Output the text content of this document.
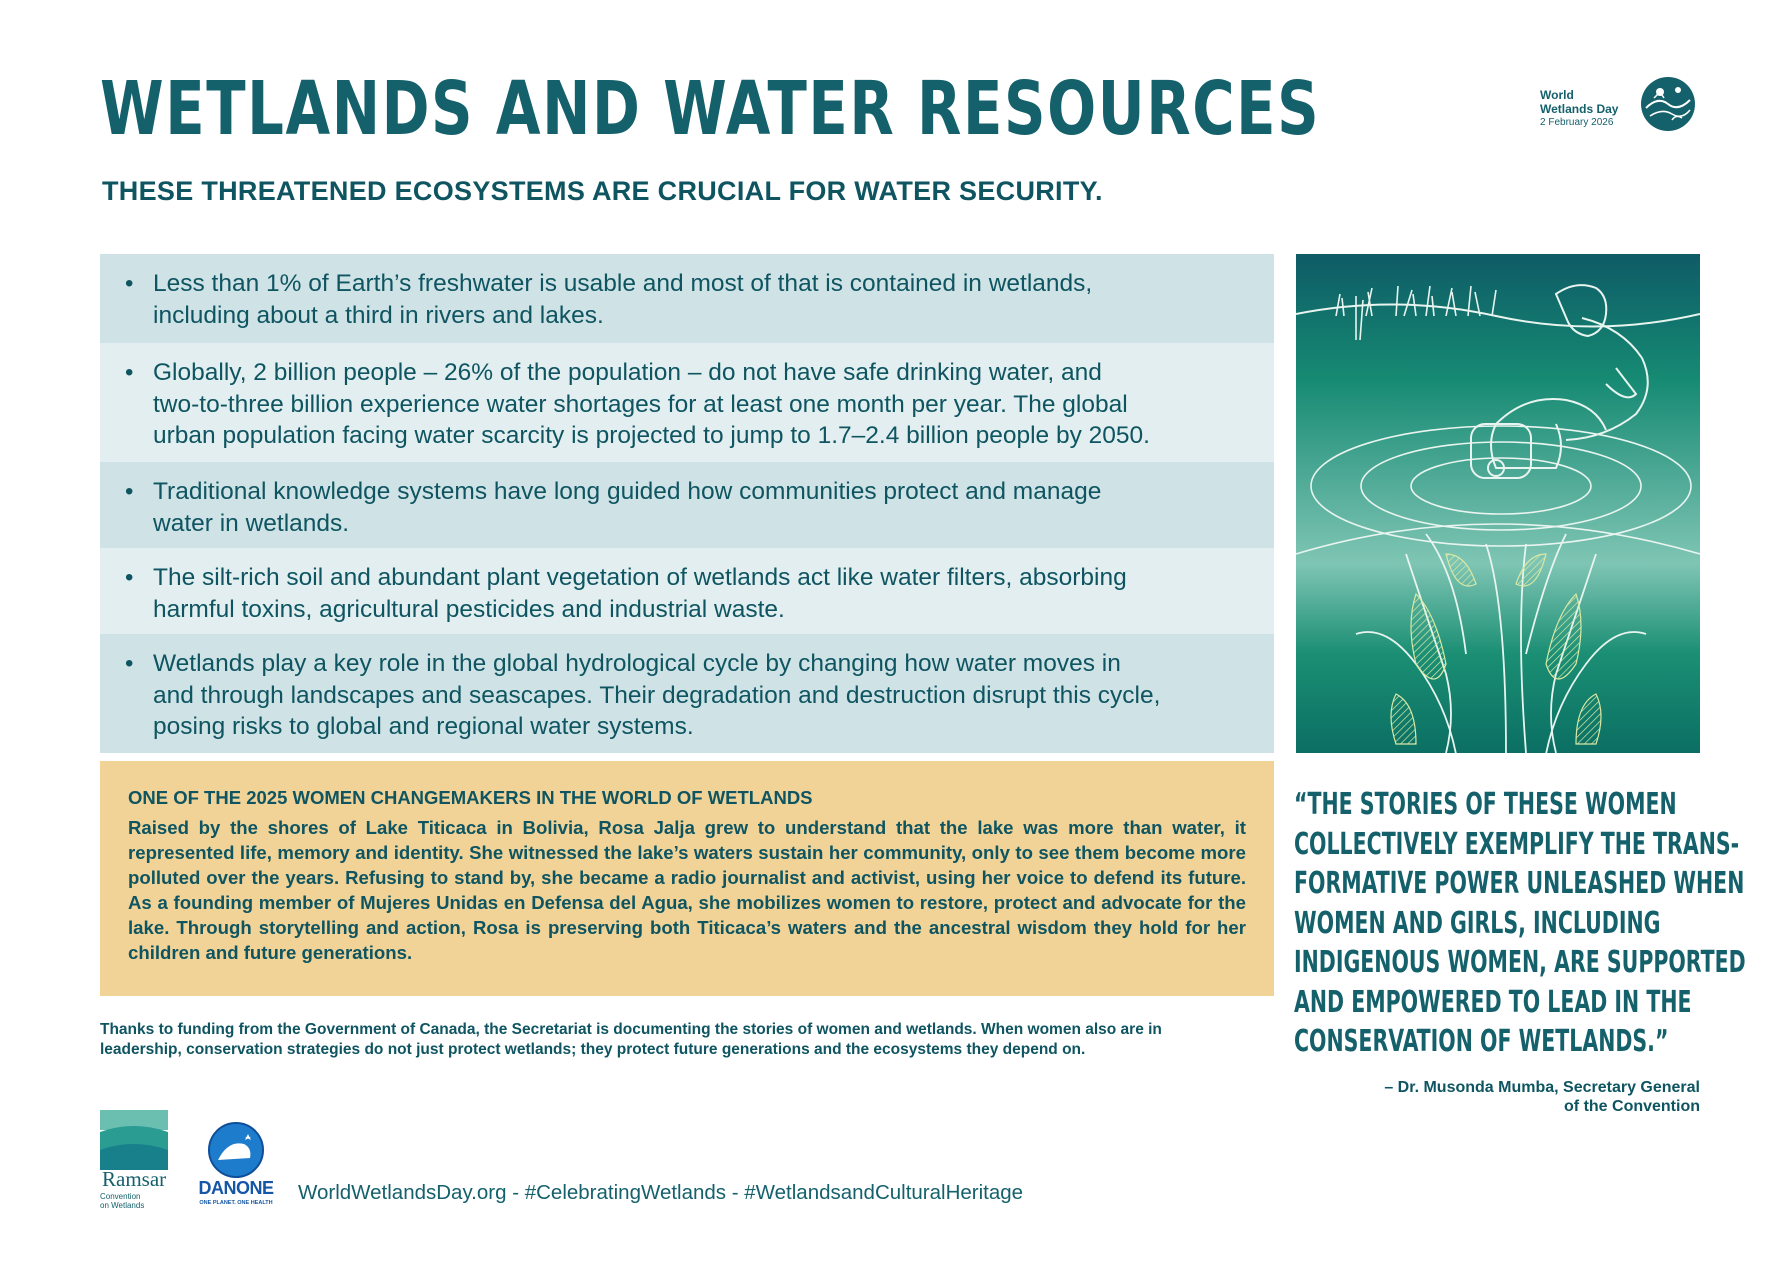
WETLANDS AND WATER RESOURCES
THESE THREATENED ECOSYSTEMS ARE CRUCIAL FOR WATER SECURITY.
World
Wetlands Day
2 February 2026
• Less than 1% of Earth’s freshwater is usable and most of that is contained in wetlands,
including about a third in rivers and lakes.
• Globally, 2 billion people – 26% of the population – do not have safe drinking water, and
two-to-three billion experience water shortages for at least one month per year. The global
urban population facing water scarcity is projected to jump to 1.7–2.4 billion people by 2050.
• Traditional knowledge systems have long guided how communities protect and manage
water in wetlands.
• The silt-rich soil and abundant plant vegetation of wetlands act like water filters, absorbing
harmful toxins, agricultural pesticides and industrial waste.
• Wetlands play a key role in the global hydrological cycle by changing how water moves in
and through landscapes and seascapes. Their degradation and destruction disrupt this cycle,
posing risks to global and regional water systems.
ONE OF THE 2025 WOMEN CHANGEMAKERS IN THE WORLD OF WETLANDS
Raised by the shores of Lake Titicaca in Bolivia, Rosa Jalja grew to understand that the lake was more than water, it represented life, memory and identity. She witnessed the lake’s waters sustain her community, only to see them become more polluted over the years. Refusing to stand by, she became a radio journalist and activist, using her voice to defend its future. As a founding member of Mujeres Unidas en Defensa del Agua, she mobilizes women to restore, protect and advocate for the lake. Through storytelling and action, Rosa is preserving both Titicaca’s waters and the ancestral wisdom they hold for her children and future generations.
“THE STORIES OF THESE WOMEN
COLLECTIVELY EXEMPLIFY THE TRANS-
FORMATIVE POWER UNLEASHED WHEN
WOMEN AND GIRLS, INCLUDING
INDIGENOUS WOMEN, ARE SUPPORTED
AND EMPOWERED TO LEAD IN THE
CONSERVATION OF WETLANDS.”
– Dr. Musonda Mumba, Secretary General
of the Convention
Thanks to funding from the Government of Canada, the Secretariat is documenting the stories of women and wetlands. When women also are in
leadership, conservation strategies do not just protect wetlands; they protect future generations and the ecosystems they depend on.
Ramsar
Convention
on Wetlands
DANONE
ONE PLANET. ONE HEALTH WorldWetlandsDay.org - #CelebratingWetlands - #WetlandsandCulturalHeritage
